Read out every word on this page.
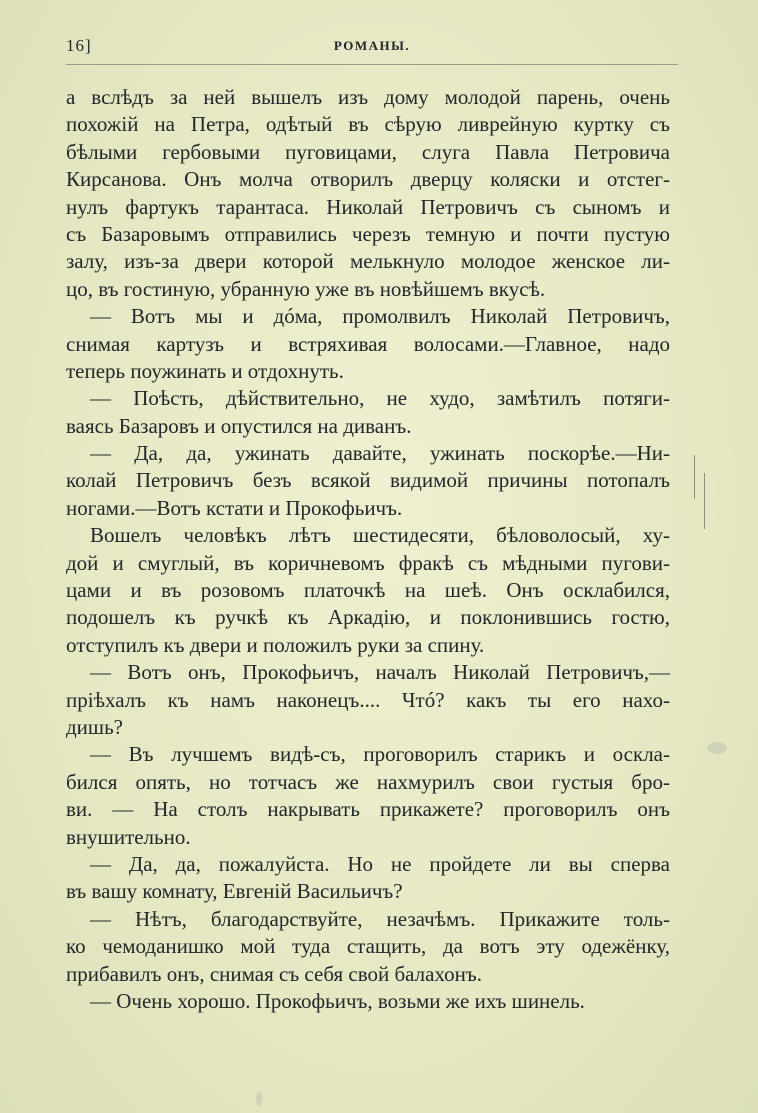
16]	РОМАНЫ.
а вслѣдъ за ней вышелъ изъ дому молодой парень, очень
похожій на Петра, одѣтый въ сѣрую ливрейную куртку съ
бѣлыми гербовыми пуговицами, слуга Павла Петровича
Кирсанова. Онъ молча отворилъ дверцу коляски и отстег-
нулъ фартукъ тарантаса. Николай Петровичъ съ сыномъ и
съ Базаровымъ отправились черезъ темную и почти пустую
залу, изъ-за двери которой мелькнуло молодое женское ли-
цо, въ гостиную, убранную уже въ новѣйшемъ вкусѣ.
— Вотъ мы и дóма, промолвилъ Николай Петровичъ,
снимая картузъ и встряхивая волосами.—Главное, надо
теперь поужинать и отдохнуть.
— Поѣсть, дѣйствительно, не худо, замѣтилъ потяги-
ваясь Базаровъ и опустился на диванъ.
— Да, да, ужинать давайте, ужинать поскорѣе.—Ни-
колай Петровичъ безъ всякой видимой причины потопалъ
ногами.—Вотъ кстати и Прокофьичъ.
Вошелъ человѣкъ лѣтъ шестидесяти, бѣловолосый, ху-
дой и смуглый, въ коричневомъ фракѣ съ мѣдными пугови-
цами и въ розовомъ платочкѣ на шеѣ. Онъ осклабился,
подошелъ къ ручкѣ къ Аркадію, и поклонившись гостю,
отступилъ къ двери и положилъ руки за спину.
— Вотъ онъ, Прокофьичъ, началъ Николай Петровичъ,—
пріѣхалъ къ намъ наконецъ.... Чтó? какъ ты его нахо-
дишь?
— Въ лучшемъ видѣ-съ, проговорилъ старикъ и оскла-
бился опять, но тотчасъ же нахмурилъ свои густыя бро-
ви. — На столъ накрывать прикажете? проговорилъ онъ
внушительно.
— Да, да, пожалуйста. Но не пройдете ли вы сперва
въ вашу комнату, Евгеній Васильичъ?
— Нѣтъ, благодарствуйте, незачѣмъ. Прикажите толь-
ко чемоданишко мой туда стащить, да вотъ эту одежёнку,
прибавилъ онъ, снимая съ себя свой балахонъ.
— Очень хорошо. Прокофьичъ, возьми же ихъ шинель.
